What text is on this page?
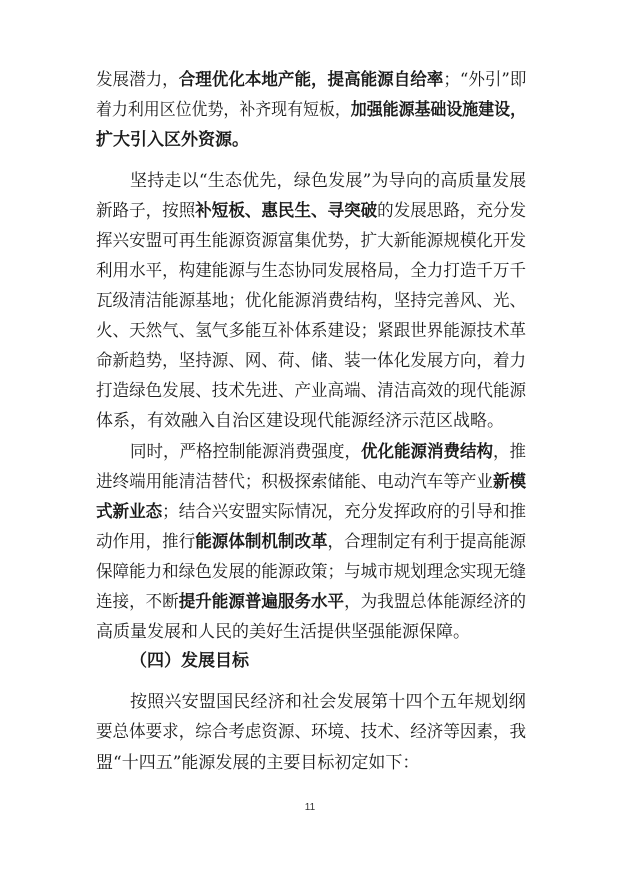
发展潜力，合理优化本地产能，提高能源自给率；“外引”即
着力利用区位优势，补齐现有短板，加强能源基础设施建设，
扩大引入区外资源。
坚持走以“生态优先，绿色发展”为导向的高质量发展
新路子，按照补短板、惠民生、寻突破的发展思路，充分发
挥兴安盟可再生能源资源富集优势，扩大新能源规模化开发
利用水平，构建能源与生态协同发展格局，全力打造千万千
瓦级清洁能源基地；优化能源消费结构，坚持完善风、光、
火、天然气、氢气多能互补体系建设；紧跟世界能源技术革
命新趋势，坚持源、网、荷、储、装一体化发展方向，着力
打造绿色发展、技术先进、产业高端、清洁高效的现代能源
体系，有效融入自治区建设现代能源经济示范区战略。
同时，严格控制能源消费强度，优化能源消费结构，推
进终端用能清洁替代；积极探索储能、电动汽车等产业新模
式新业态；结合兴安盟实际情况，充分发挥政府的引导和推
动作用，推行能源体制机制改革，合理制定有利于提高能源
保障能力和绿色发展的能源政策；与城市规划理念实现无缝
连接，不断提升能源普遍服务水平，为我盟总体能源经济的
高质量发展和人民的美好生活提供坚强能源保障。
（四）发展目标
按照兴安盟国民经济和社会发展第十四个五年规划纲
要总体要求，综合考虑资源、环境、技术、经济等因素，我
盟“十四五”能源发展的主要目标初定如下：
11
